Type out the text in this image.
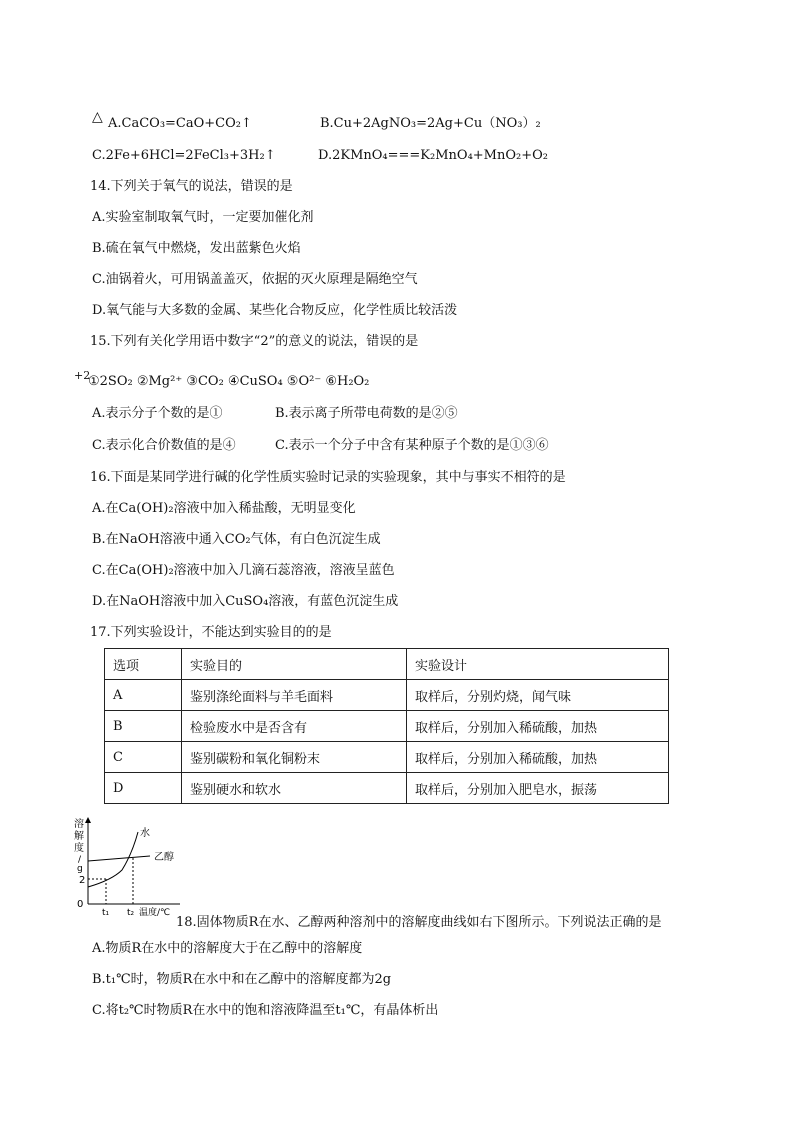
△ A.CaCO₃=CaO+CO₂↑	B.Cu+2AgNO₃=2Ag+Cu（NO₃）₂
C.2Fe+6HCl=2FeCl₃+3H₂↑	D.2KMnO₄===K₂MnO₄+MnO₂+O₂
14.下列关于氧气的说法，错误的是
A.实验室制取氧气时，一定要加催化剂
B.硫在氧气中燃烧，发出蓝紫色火焰
C.油锅着火，可用锅盖盖灭，依据的灭火原理是隔绝空气
D.氧气能与大多数的金属、某些化合物反应，化学性质比较活泼
15.下列有关化学用语中数字“2”的意义的说法，错误的是
+2
①2SO₂ ②Mg²⁺ ③CO₂ ④CuSO₄ ⑤O²⁻ ⑥H₂O₂
A.表示分子个数的是①	B.表示离子所带电荷数的是②⑤
C.表示化合价数值的是④	C.表示一个分子中含有某种原子个数的是①③⑥
16.下面是某同学进行碱的化学性质实验时记录的实验现象，其中与事实不相符的是
A.在Ca(OH)₂溶液中加入稀盐酸，无明显变化
B.在NaOH溶液中通入CO₂气体，有白色沉淀生成
C.在Ca(OH)₂溶液中加入几滴石蕊溶液，溶液呈蓝色
D.在NaOH溶液中加入CuSO₄溶液，有蓝色沉淀生成
17.下列实验设计，不能达到实验目的的是
选项	实验目的	实验设计
A	鉴别涤纶面料与羊毛面料	取样后，分别灼烧，闻气味
B	检验废水中是否含有	取样后，分别加入稀硫酸，加热
C	鉴别碳粉和氧化铜粉末	取样后，分别加入稀硫酸，加热
D	鉴别硬水和软水	取样后，分别加入肥皂水，振荡
溶
解
度
/
g
0
2
水
乙醇
t₁ t₂ 温度/℃
18.固体物质R在水、乙醇两种溶剂中的溶解度曲线如右下图所示。下列说法正确的是
A.物质R在水中的溶解度大于在乙醇中的溶解度
B.t₁℃时，物质R在水中和在乙醇中的溶解度都为2g
C.将t₂℃时物质R在水中的饱和溶液降温至t₁℃，有晶体析出
